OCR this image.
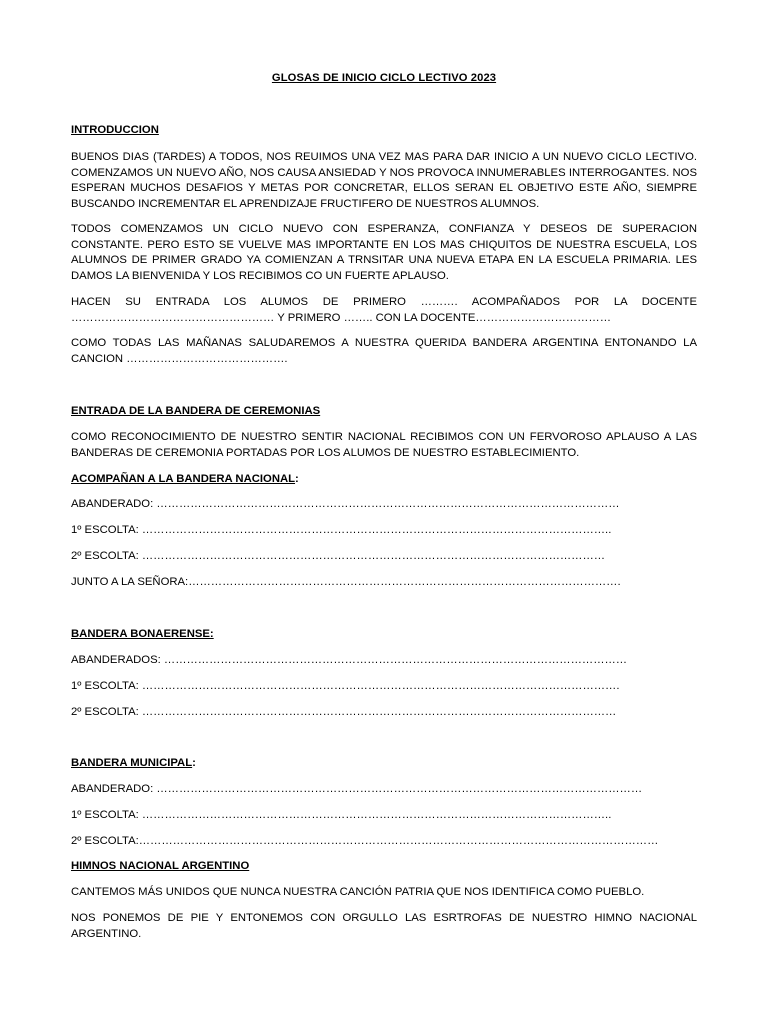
GLOSAS DE INICIO CICLO LECTIVO 2023
INTRODUCCION
BUENOS DIAS (TARDES) A TODOS, NOS REUIMOS UNA VEZ MAS PARA DAR INICIO A UN NUEVO CICLO LECTIVO. COMENZAMOS UN NUEVO AÑO, NOS CAUSA ANSIEDAD Y NOS PROVOCA INNUMERABLES INTERROGANTES. NOS ESPERAN MUCHOS DESAFIOS Y METAS POR CONCRETAR, ELLOS SERAN EL OBJETIVO ESTE AÑO, SIEMPRE BUSCANDO INCREMENTAR EL APRENDIZAJE FRUCTIFERO DE NUESTROS ALUMNOS.
TODOS COMENZAMOS UN CICLO NUEVO CON ESPERANZA, CONFIANZA Y DESEOS DE SUPERACION CONSTANTE. PERO ESTO SE VUELVE MAS IMPORTANTE EN LOS MAS CHIQUITOS DE NUESTRA ESCUELA, LOS ALUMNOS DE PRIMER GRADO YA COMIENZAN A TRNSITAR UNA NUEVA ETAPA EN LA ESCUELA PRIMARIA. LES DAMOS LA BIENVENIDA Y LOS RECIBIMOS CO UN FUERTE APLAUSO.
HACEN SU ENTRADA LOS ALUMOS DE PRIMERO ………. ACOMPAÑADOS POR LA DOCENTE ……………………………………………… Y PRIMERO …….. CON LA DOCENTE………………………………
COMO TODAS LAS MAÑANAS SALUDAREMOS A NUESTRA QUERIDA BANDERA ARGENTINA ENTONANDO LA CANCION …………………………………….
ENTRADA DE LA BANDERA DE CEREMONIAS
COMO RECONOCIMIENTO DE NUESTRO SENTIR NACIONAL RECIBIMOS CON UN FERVOROSO APLAUSO A LAS BANDERAS DE CEREMONIA PORTADAS POR LOS ALUMOS DE NUESTRO ESTABLECIMIENTO.
ACOMPAÑAN A LA BANDERA NACIONAL:
ABANDERADO: ……………………………………………………………………………………………………………
1º ESCOLTA: ……………………………………………………………………………………………………………..
2º ESCOLTA: ……………………………………………………………………………………………………………
JUNTO A LA SEÑORA:…………………………………………………………………………………………………….
BANDERA BONAERENSE:
ABANDERADOS: ……………………………………………………………………………………………………………
1º ESCOLTA: ……………………………………………………………………………………………………………….
2º ESCOLTA: ………………………………………………………………………………………………………………
BANDERA MUNICIPAL:
ABANDERADO: …………………………………………………………………………………………………………………
1º ESCOLTA: ……………………………………………………………………………………………………………..
2º ESCOLTA:…………………………………………………………………………………………………………………………
HIMNOS NACIONAL ARGENTINO
CANTEMOS MÁS UNIDOS QUE NUNCA NUESTRA CANCIÓN PATRIA QUE NOS IDENTIFICA COMO PUEBLO.
NOS PONEMOS DE PIE Y ENTONEMOS CON ORGULLO LAS ESRTROFAS DE NUESTRO HIMNO NACIONAL ARGENTINO.
